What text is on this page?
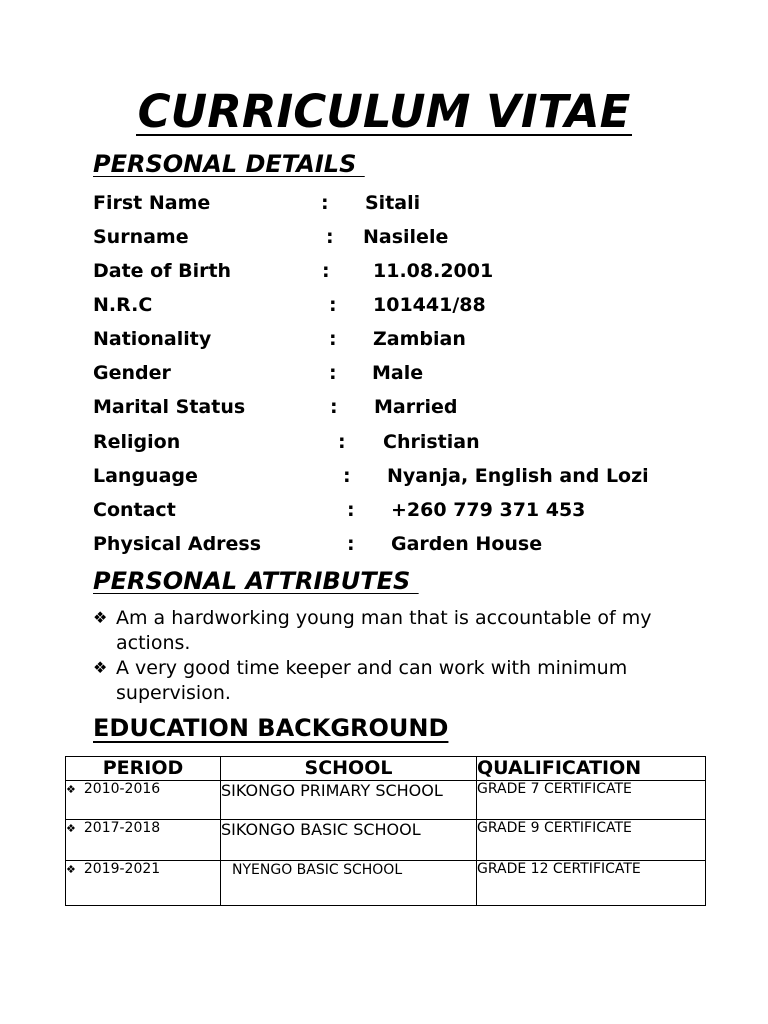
CURRICULUM VITAE
PERSONAL DETAILS
First Name	: Sitali
Surname	: Nasilele
Date of Birth	: 11.08.2001
N.R.C	: 101441/88
Nationality	: Zambian
Gender	: Male
Marital Status	: Married
Religion	: Christian
Language	: Nyanja, English and Lozi
Contact	: +260 779 371 453
Physical Adress	: Garden House
PERSONAL ATTRIBUTES
❖ Am a hardworking young man that is accountable of my actions.
❖ A very good time keeper and can work with minimum supervision.
EDUCATION BACKGROUND
PERIOD	SCHOOL	QUALIFICATION
❖ 2010-2016	SIKONGO PRIMARY SCHOOL	GRADE 7 CERTIFICATE
❖ 2017-2018	SIKONGO BASIC SCHOOL	GRADE 9 CERTIFICATE
❖ 2019-2021	NYENGO BASIC SCHOOL	GRADE 12 CERTIFICATE
